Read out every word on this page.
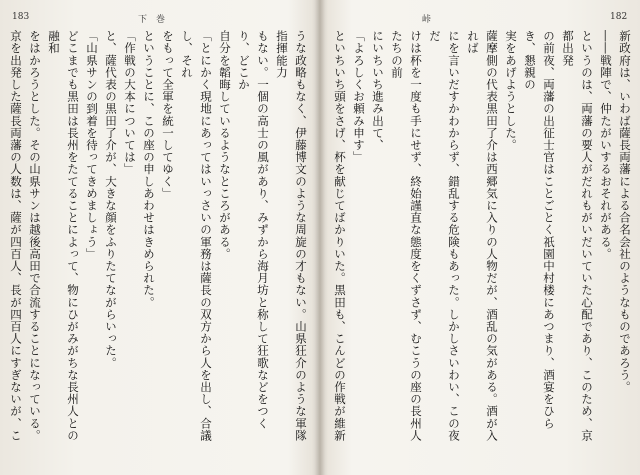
183	下　巻

うな政略もなく、伊藤博文のような周旋の才もない。山県狂介のような軍隊指揮能力

もない。一個の高士の風があり、みずから海月坊と称して狂歌などをつくり、どこか

自分を韜晦しているようなところがある。

「とにかく現地にあってはいっさいの軍務は薩長の双方から人を出し、合議し、それ

をもって全軍を統一してゆく」

ということに、この座の申しあわせはきめられた。

「作戦の大本については」

と、薩代表の黒田了介が、大きな顔をふりたてながらいった。

「山県サンの到着を待ってきめましょう」

どこまでも黒田は長州をたてることによって、物にひがみがちな長州人との融和

をはかろうとした。その山県サンは越後高田で合流することになっている。

京を出発した薩長両藩の人数は、薩が四百人、長が四百人にすぎないが、こ

峠	182

新政府は、いわば薩長両藩による合名会社のようなものであろう。

――戦陣で、仲たがいするおそれがある。

というのは、両藩の要人がだれもがいだいていた心配であり、このため、京都出発

の前夜、両藩の出征士官はことごとく祇園中村楼にあつまり、酒宴をひらき、懇親の

実をあげようとした。

薩摩側の代表黒田了介は西郷気に入りの人物だが、酒乱の気がある。酒が入れば

にを言いだすかわからず、錯乱する危険もあった。しかしさいわい、この夜だ

けは杯を一度も手にせず、終始謹直な態度をくずさず、むこうの座の長州人たちの前

にいちいち進み出て、

「よろしくお頼み申す」

といちいち頭をさげ、杯を献じてばかりいた。黒田も、こんどの作戦が維新
